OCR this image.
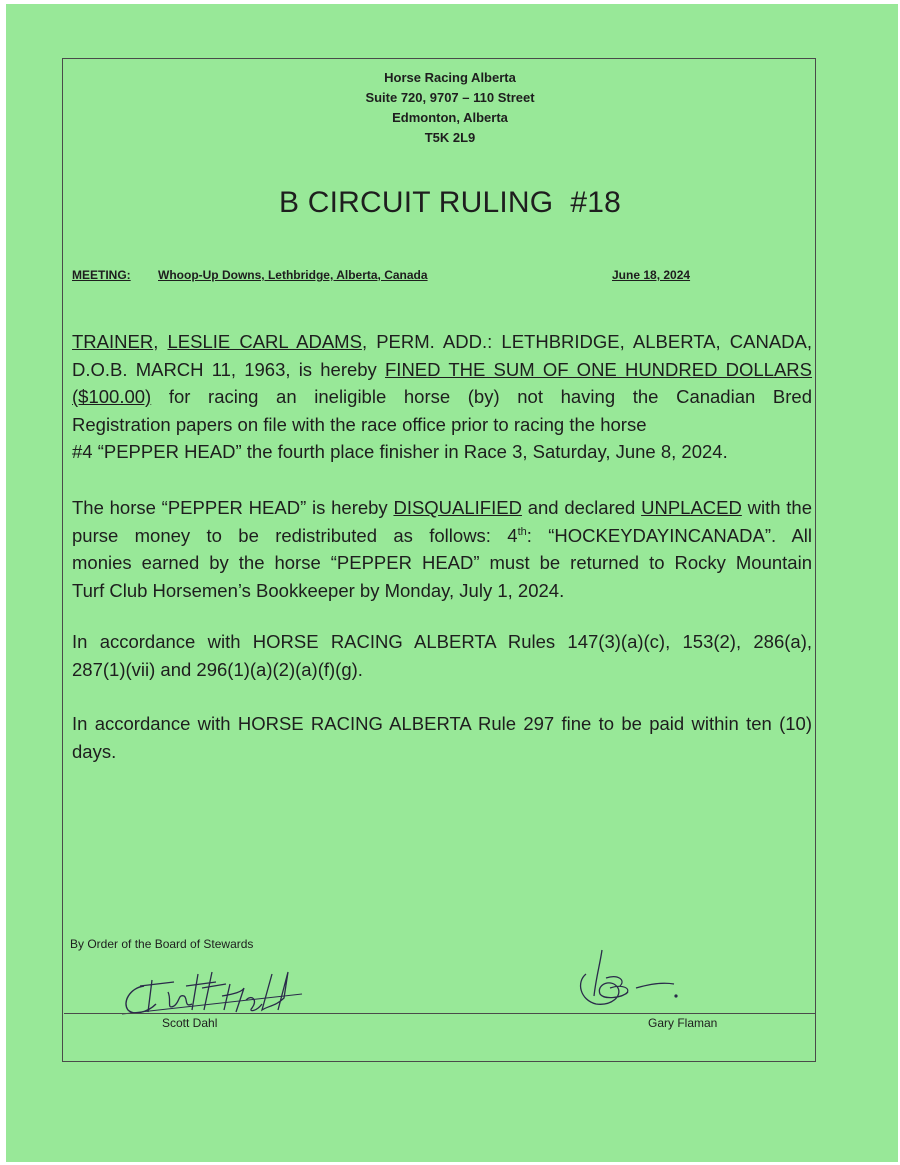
Horse Racing Alberta
Suite 720, 9707 – 110 Street
Edmonton, Alberta
T5K 2L9
B CIRCUIT RULING  #18
MEETING: Whoop-Up Downs, Lethbridge, Alberta, Canada	June 18, 2024
TRAINER, LESLIE CARL ADAMS, PERM. ADD.: LETHBRIDGE, ALBERTA, CANADA,
D.O.B. MARCH 11, 1963, is hereby FINED THE SUM OF ONE HUNDRED DOLLARS
($100.00) for racing an ineligible horse (by) not having the Canadian Bred
Registration papers on file with the race office prior to racing the horse
#4 “PEPPER HEAD” the fourth place finisher in Race 3, Saturday, June 8, 2024.
The horse “PEPPER HEAD” is hereby DISQUALIFIED and declared UNPLACED with the
purse money to be redistributed as follows: 4th: “HOCKEYDAYINCANADA”. All
monies earned by the horse “PEPPER HEAD” must be returned to Rocky Mountain
Turf Club Horsemen’s Bookkeeper by Monday, July 1, 2024.
In accordance with HORSE RACING ALBERTA Rules 147(3)(a)(c), 153(2), 286(a),
287(1)(vii) and 296(1)(a)(2)(a)(f)(g).
In accordance with HORSE RACING ALBERTA Rule 297 fine to be paid within ten (10)
days.
By Order of the Board of Stewards
Scott Dahl	Gary Flaman
